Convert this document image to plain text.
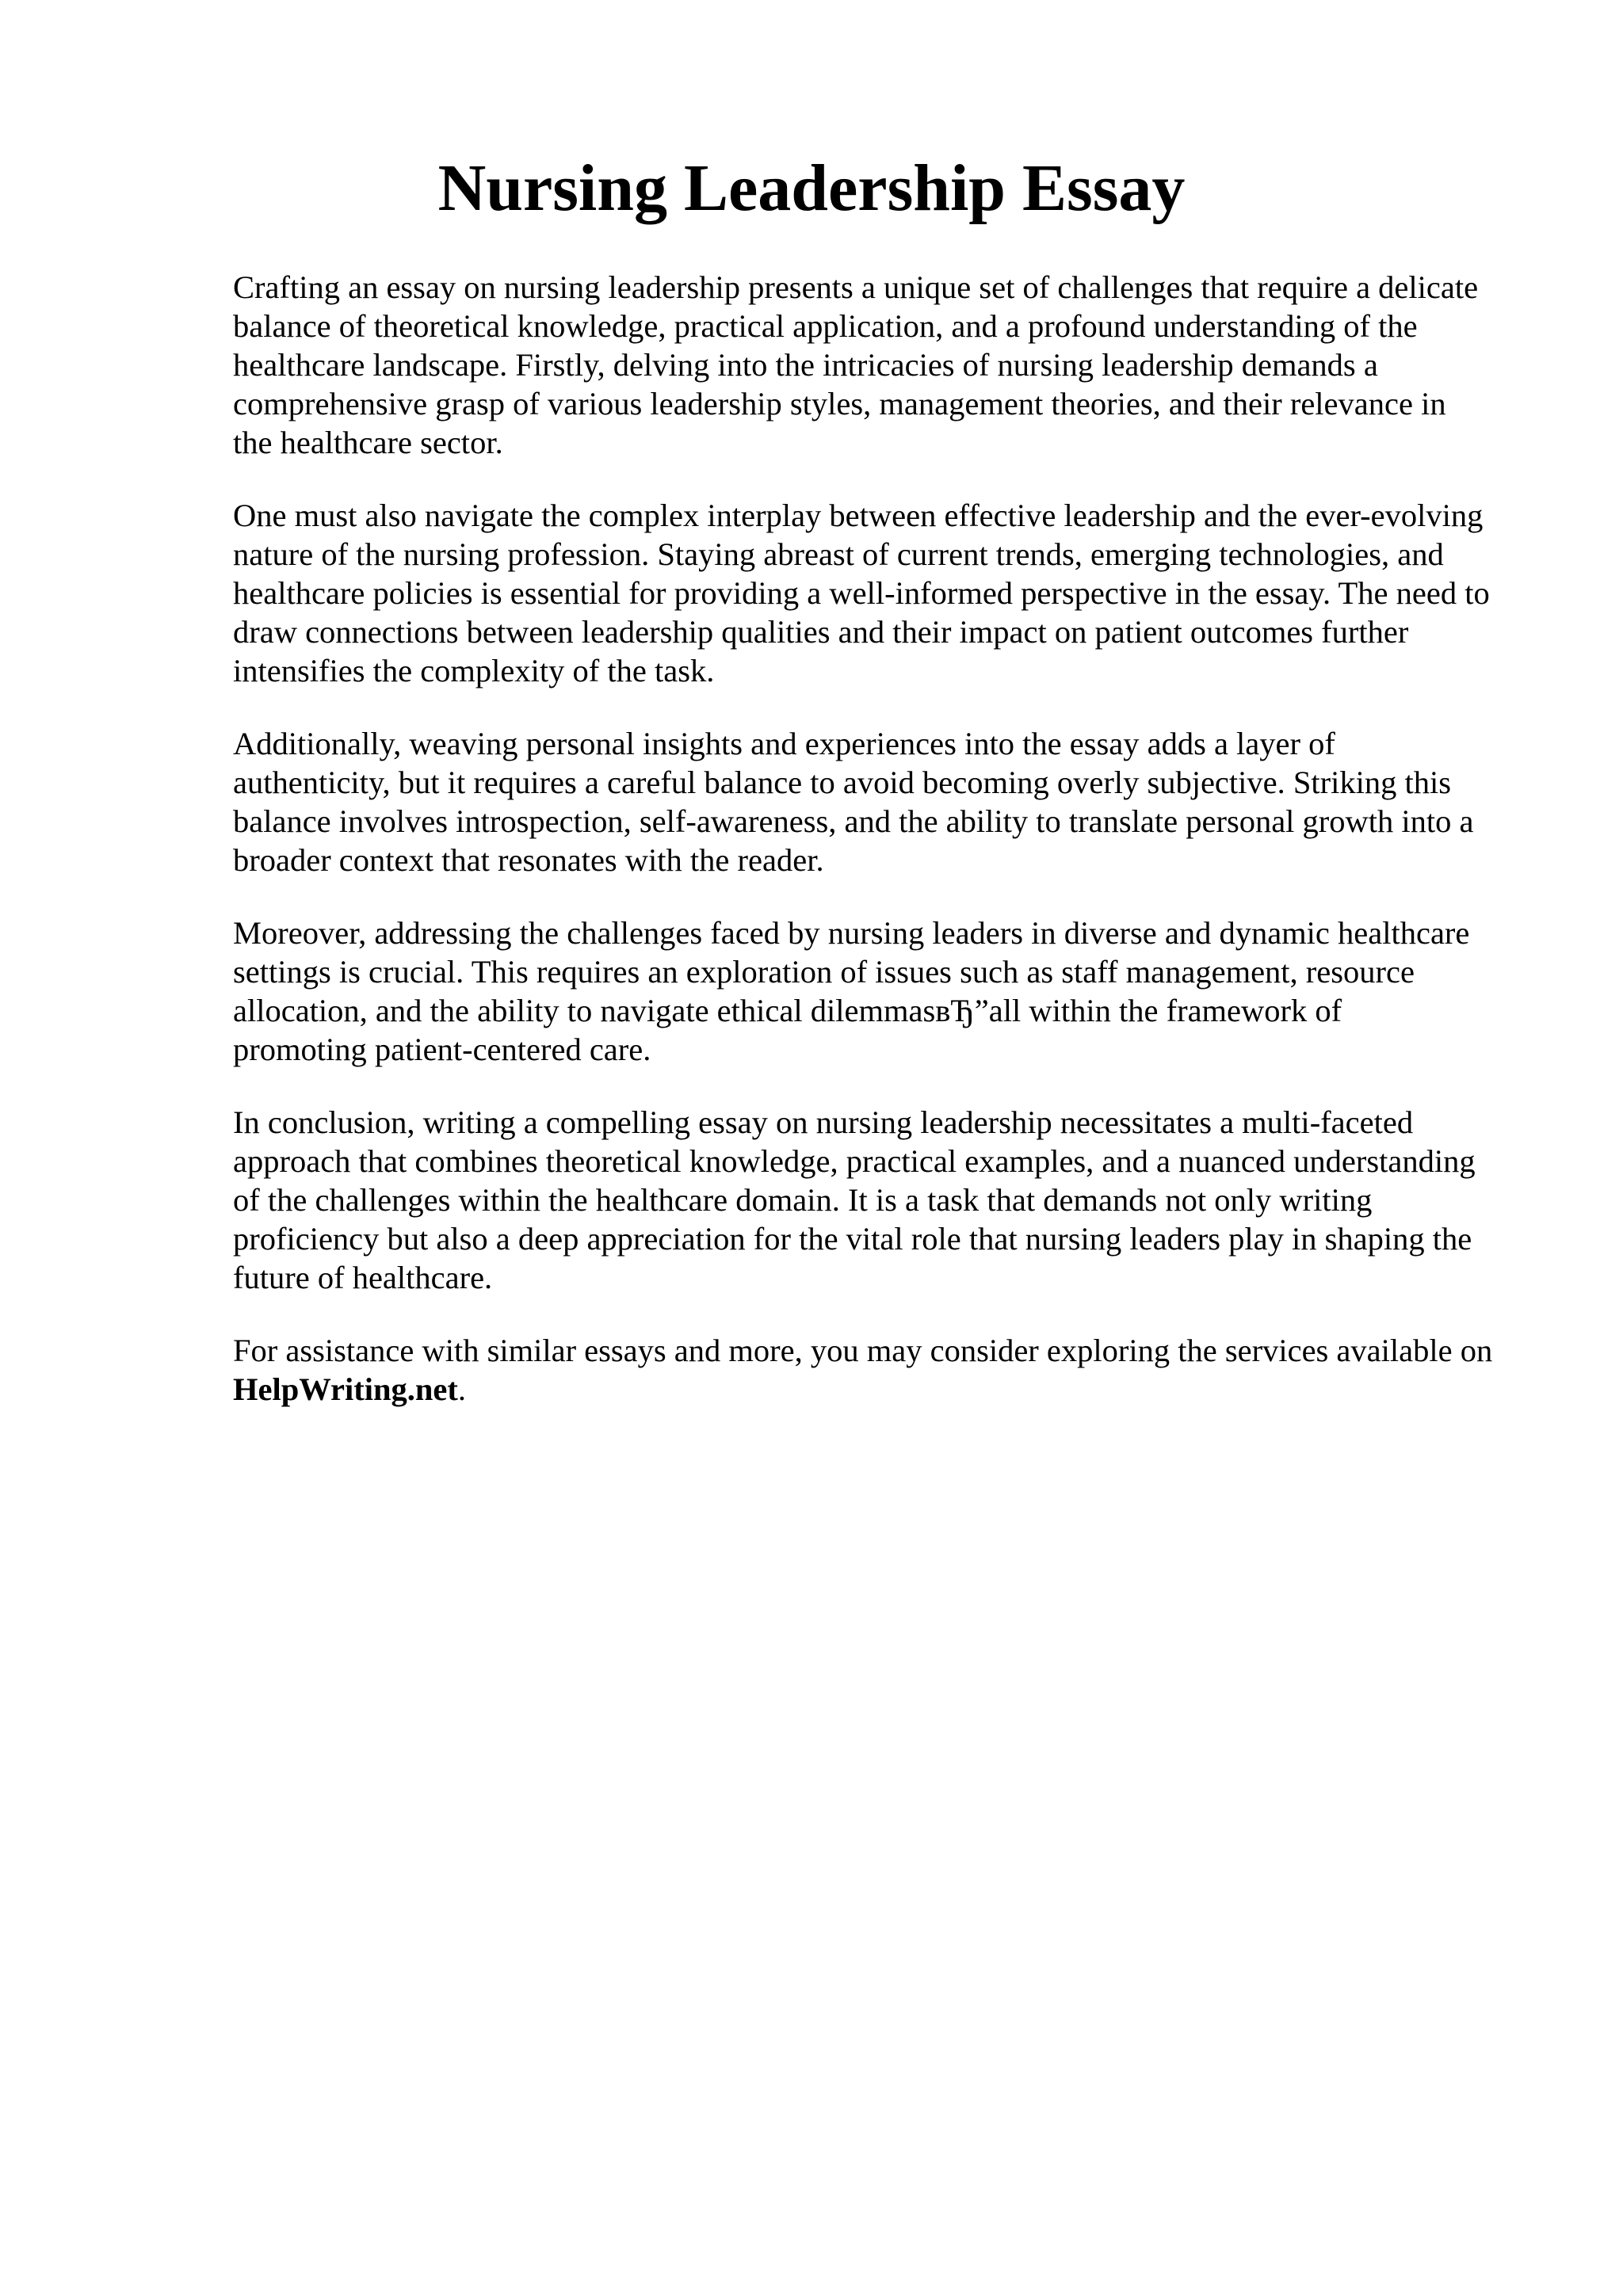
Nursing Leadership Essay

Crafting an essay on nursing leadership presents a unique set of challenges that require a delicate
balance of theoretical knowledge, practical application, and a profound understanding of the
healthcare landscape. Firstly, delving into the intricacies of nursing leadership demands a
comprehensive grasp of various leadership styles, management theories, and their relevance in
the healthcare sector.

One must also navigate the complex interplay between effective leadership and the ever-evolving
nature of the nursing profession. Staying abreast of current trends, emerging technologies, and
healthcare policies is essential for providing a well-informed perspective in the essay. The need to
draw connections between leadership qualities and their impact on patient outcomes further
intensifies the complexity of the task.

Additionally, weaving personal insights and experiences into the essay adds a layer of
authenticity, but it requires a careful balance to avoid becoming overly subjective. Striking this
balance involves introspection, self-awareness, and the ability to translate personal growth into a
broader context that resonates with the reader.

Moreover, addressing the challenges faced by nursing leaders in diverse and dynamic healthcare
settings is crucial. This requires an exploration of issues such as staff management, resource
allocation, and the ability to navigate ethical dilemmasвЂ”all within the framework of
promoting patient-centered care.

In conclusion, writing a compelling essay on nursing leadership necessitates a multi-faceted
approach that combines theoretical knowledge, practical examples, and a nuanced understanding
of the challenges within the healthcare domain. It is a task that demands not only writing
proficiency but also a deep appreciation for the vital role that nursing leaders play in shaping the
future of healthcare.

For assistance with similar essays and more, you may consider exploring the services available on
HelpWriting.net.
